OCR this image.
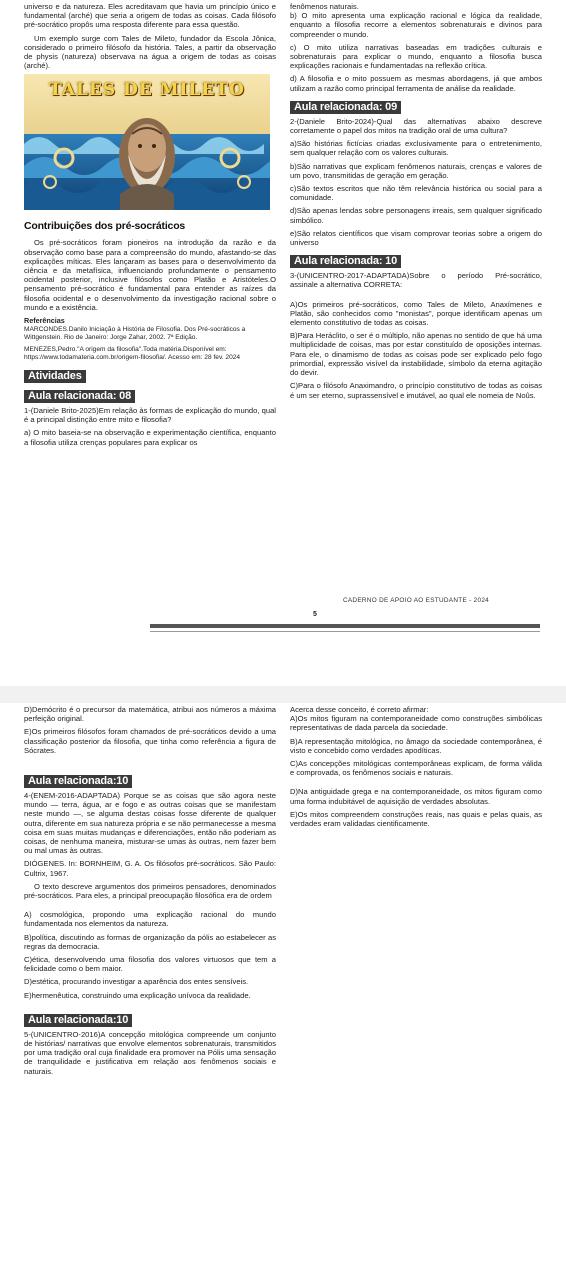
universo e da natureza. Eles acreditavam que havia um princípio único e fundamental (arché) que seria a origem de todas as coisas. Cada filósofo pré-socrático propôs uma resposta diferente para essa questão.

Um exemplo surge com Tales de Mileto, fundador da Escola Jônica, considerado o primeiro filósofo da história. Tales, a partir da observação de physis (natureza) observava na água a origem de todas as coisas (arché).

TALES DE MILETO
Contribuições dos pré-socráticos

Os pré-socráticos foram pioneiros na introdução da razão e da observação como base para a compreensão do mundo, afastando-se das explicações míticas. Eles lançaram as bases para o desenvolvimento da ciência e da metafísica, influenciando profundamente o pensamento ocidental posterior, inclusive filósofos como Platão e Aristóteles.O pensamento pré-socrático é fundamental para entender as raízes da filosofia ocidental e o desenvolvimento da investigação racional sobre o mundo e a existência.

Referências

MARCONDES.Danilo Iniciação à História de Filosofia. Dos Pré-socráticos a Wittgenstein. Rio de Janeiro: Jorge Zahar, 2002. 7ª Edição.

MENEZES,Pedro."A origem da filosofia".Toda matéria.Disponível em: https://www.todamateria.com.br/origem-filosofia/. Acesso em: 28 fev. 2024

Atividades
Aula relacionada: 08

1-(Daniele Brito-2025)Em relação às formas de explicação do mundo, qual é a principal distinção entre mito e filosofia?

a) O mito baseia-se na observação e experimentação científica, enquanto a filosofia utiliza crenças populares para explicar os

fenômenos naturais.

b) O mito apresenta uma explicação racional e lógica da realidade, enquanto a filosofia recorre a elementos sobrenaturais e divinos para compreender o mundo.

c) O mito utiliza narrativas baseadas em tradições culturais e sobrenaturais para explicar o mundo, enquanto a filosofia busca explicações racionais e fundamentadas na reflexão crítica.

d) A filosofia e o mito possuem as mesmas abordagens, já que ambos utilizam a razão como principal ferramenta de análise da realidade.

Aula relacionada: 09

2-(Daniele Brito-2024)-Qual das alternativas abaixo descreve corretamente o papel dos mitos na tradição oral de uma cultura?

a)São histórias fictícias criadas exclusivamente para o entretenimento, sem qualquer relação com os valores culturais.

b)São narrativas que explicam fenômenos naturais, crenças e valores de um povo, transmitidas de geração em geração.

c)São textos escritos que não têm relevância histórica ou social para a comunidade.

d)São apenas lendas sobre personagens irreais, sem qualquer significado simbólico.

e)São relatos científicos que visam comprovar teorias sobre a origem do universo

Aula relacionada: 10

3-(UNICENTRO-2017-ADAPTADA)Sobre o período Pré-socrático, assinale a alternativa CORRETA:

A)Os primeiros pré-socráticos, como Tales de Mileto, Anaxímenes e Platão, são conhecidos como "monistas", porque identificam apenas um elemento constitutivo de todas as coisas.

B)Para Heráclito, o ser é o múltiplo, não apenas no sentido de que há uma multiplicidade de coisas, mas por estar constituído de oposições internas. Para ele, o dinamismo de todas as coisas pode ser explicado pelo fogo primordial, expressão visível da instabilidade, símbolo da eterna agitação do devir.

C)Para o filósofo Anaximandro, o princípio constitutivo de todas as coisas é um ser eterno, suprassensível e imutável, ao qual ele nomeia de Noûs.

CADERNO DE APOIO AO ESTUDANTE - 2024
5

D)Demócrito é o precursor da matemática, atribui aos números a máxima perfeição original.

E)Os primeiros filósofos foram chamados de pré-socráticos devido a uma classificação posterior da filosofia, que tinha como referência a figura de Sócrates.

Aula relacionada:10

4-(ENEM-2016-ADAPTADA) Porque se as coisas que são agora neste mundo — terra, água, ar e fogo e as outras coisas que se manifestam neste mundo —, se alguma destas coisas fosse diferente de qualquer outra, diferente em sua natureza própria e se não permanecesse a mesma coisa em suas muitas mudanças e diferenciações, então não poderiam as coisas, de nenhuma maneira, misturar-se umas às outras, nem fazer bem ou mal umas às outras.

DIÓGENES. In: BORNHEIM, G. A. Os filósofos pré-socráticos. São Paulo: Cultrix, 1967.

O texto descreve argumentos dos primeiros pensadores, denominados pré-socráticos. Para eles, a principal preocupação filosófica era de ordem

A) cosmológica, propondo uma explicação racional do mundo fundamentada nos elementos da natureza.

B)política, discutindo as formas de organização da pólis ao estabelecer as regras da democracia.

C)ética, desenvolvendo uma filosofia dos valores virtuosos que tem a felicidade como o bem maior.

D)estética, procurando investigar a aparência dos entes sensíveis.

E)hermenêutica, construindo uma explicação unívoca da realidade.

Aula relacionada:10

5-(UNICENTRO-2016)A concepção mitológica compreende um conjunto de histórias/ narrativas que envolve elementos sobrenaturais, transmitidos por uma tradição oral cuja finalidade era promover na Pólis uma sensação de tranquilidade e justificativa em relação aos fenômenos sociais e naturais.

Acerca desse conceito, é correto afirmar:

A)Os mitos figuram na contemporaneidade como construções simbólicas representativas de dada parcela da sociedade.

B)A representação mitológica, no âmago da sociedade contemporânea, é visto e concebido como verdades apodíticas.

C)As concepções mitológicas contemporâneas explicam, de forma válida e comprovada, os fenômenos sociais e naturais.

D)Na antiguidade grega e na contemporaneidade, os mitos figuram como uma forma indubitável de aquisição de verdades absolutas.

E)Os mitos compreendem construções reais, nas quais e pelas quais, as verdades eram validadas cientificamente.
